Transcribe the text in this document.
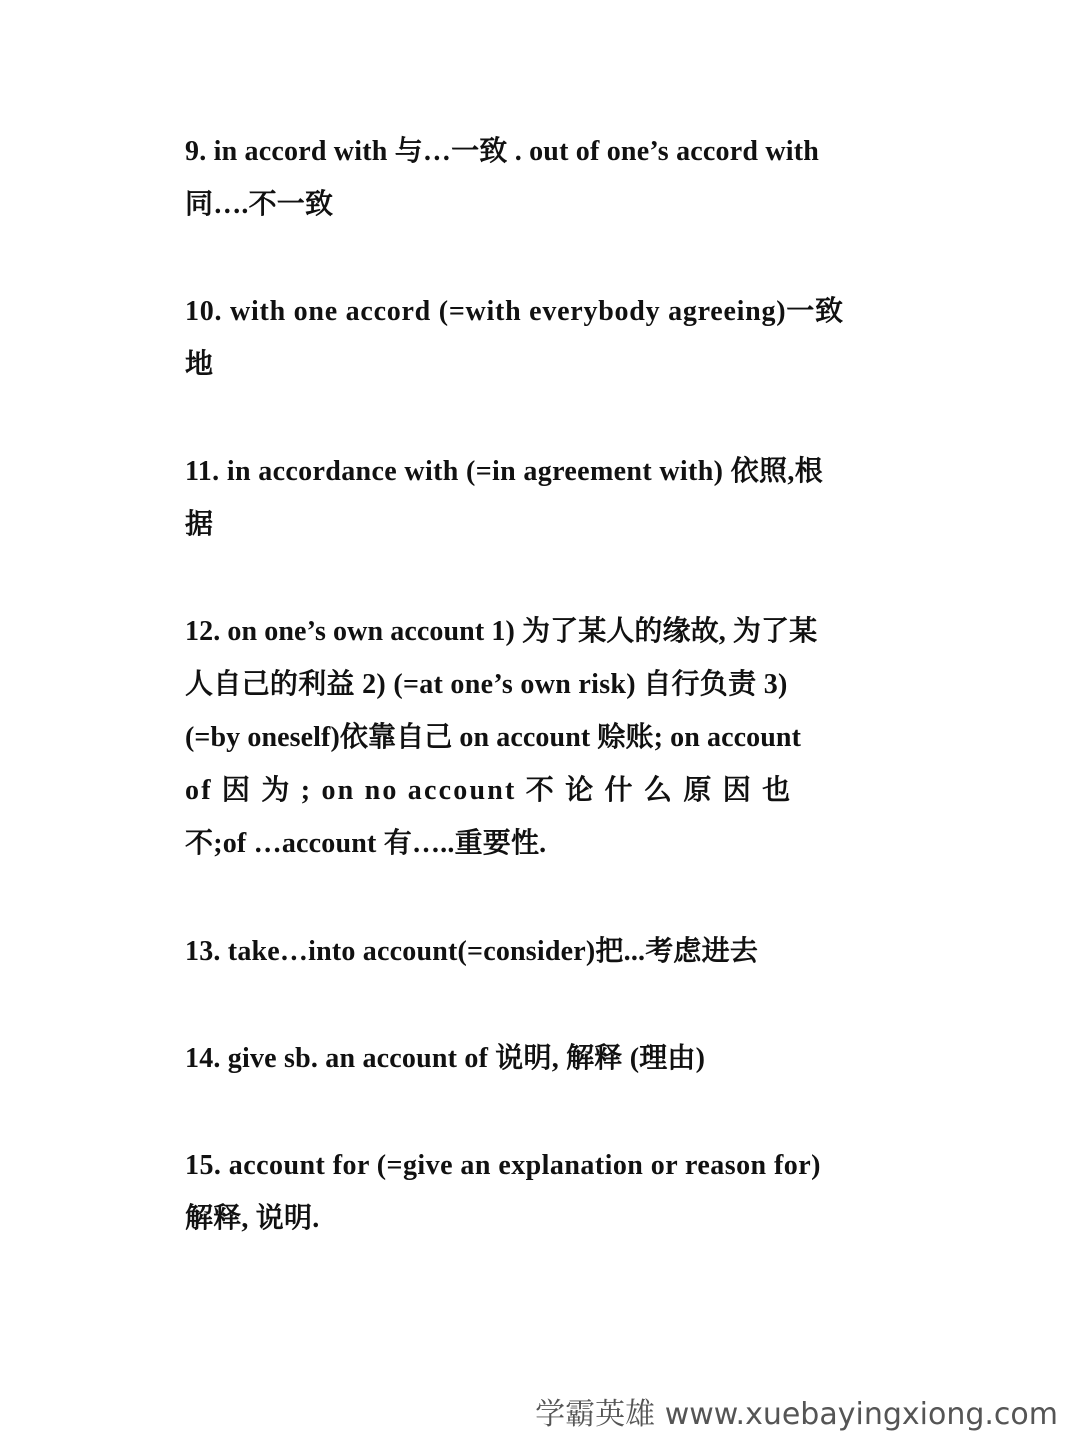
9. in accord with 与…一致 . out of one’s accord with
同….不一致
10. with one accord (=with everybody agreeing)一致
地
11. in accordance with (=in agreement with) 依照,根
据
12. on one’s own account 1) 为了某人的缘故, 为了某
人自己的利益 2) (=at one’s own risk) 自行负责 3)
(=by oneself)依靠自己 on account 赊账; on account
of 因 为 ; on no account 不 论 什 么 原 因 也
不;of …account 有…..重要性.
13. take…into account(=consider)把...考虑进去
14. give sb. an account of 说明, 解释 (理由)
15. account for (=give an explanation or reason for)
解释, 说明.
学霸英雄 www.xuebayingxiong.com
